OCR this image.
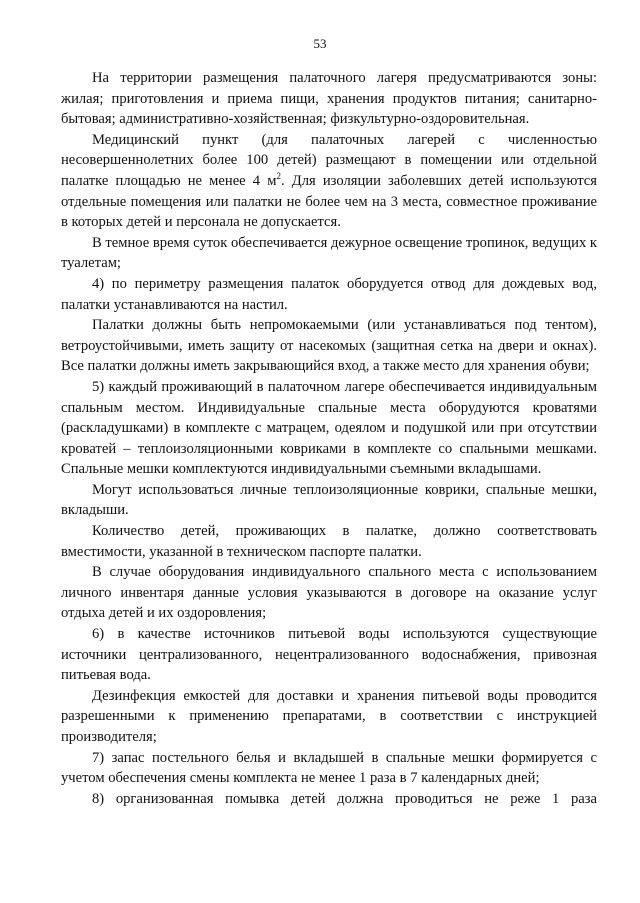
53

На территории размещения палаточного лагеря предусматриваются зоны: жилая; приготовления и приема пищи, хранения продуктов питания; санитарно-бытовая; административно-хозяйственная; физкультурно-оздоровительная.

Медицинский пункт (для палаточных лагерей с численностью несовершеннолетних более 100 детей) размещают в помещении или отдельной палатке площадью не менее 4 $м^2$. Для изоляции заболевших детей используются отдельные помещения или палатки не более чем на 3 места, совместное проживание в которых детей и персонала не допускается.

В темное время суток обеспечивается дежурное освещение тропинок, ведущих к туалетам;

4) по периметру размещения палаток оборудуется отвод для дождевых вод, палатки устанавливаются на настил.

Палатки должны быть непромокаемыми (или устанавливаться под тентом), ветроустойчивыми, иметь защиту от насекомых (защитная сетка на двери и окнах). Все палатки должны иметь закрывающийся вход, а также место для хранения обуви;

5) каждый проживающий в палаточном лагере обеспечивается индивидуальным спальным местом. Индивидуальные спальные места оборудуются кроватями (раскладушками) в комплекте с матрацем, одеялом и подушкой или при отсутствии кроватей – теплоизоляционными ковриками в комплекте со спальными мешками. Спальные мешки комплектуются индивидуальными съемными вкладышами.

Могут использоваться личные теплоизоляционные коврики, спальные мешки, вкладыши.

Количество детей, проживающих в палатке, должно соответствовать вместимости, указанной в техническом паспорте палатки.

В случае оборудования индивидуального спального места с использованием личного инвентаря данные условия указываются в договоре на оказание услуг отдыха детей и их оздоровления;

6) в качестве источников питьевой воды используются существующие источники централизованного, нецентрализованного водоснабжения, привозная питьевая вода.

Дезинфекция емкостей для доставки и хранения питьевой воды проводится разрешенными к применению препаратами, в соответствии с инструкцией производителя;

7) запас постельного белья и вкладышей в спальные мешки формируется с учетом обеспечения смены комплекта не менее 1 раза в 7 календарных дней;

8) организованная помывка детей должна проводиться не реже 1 раза
